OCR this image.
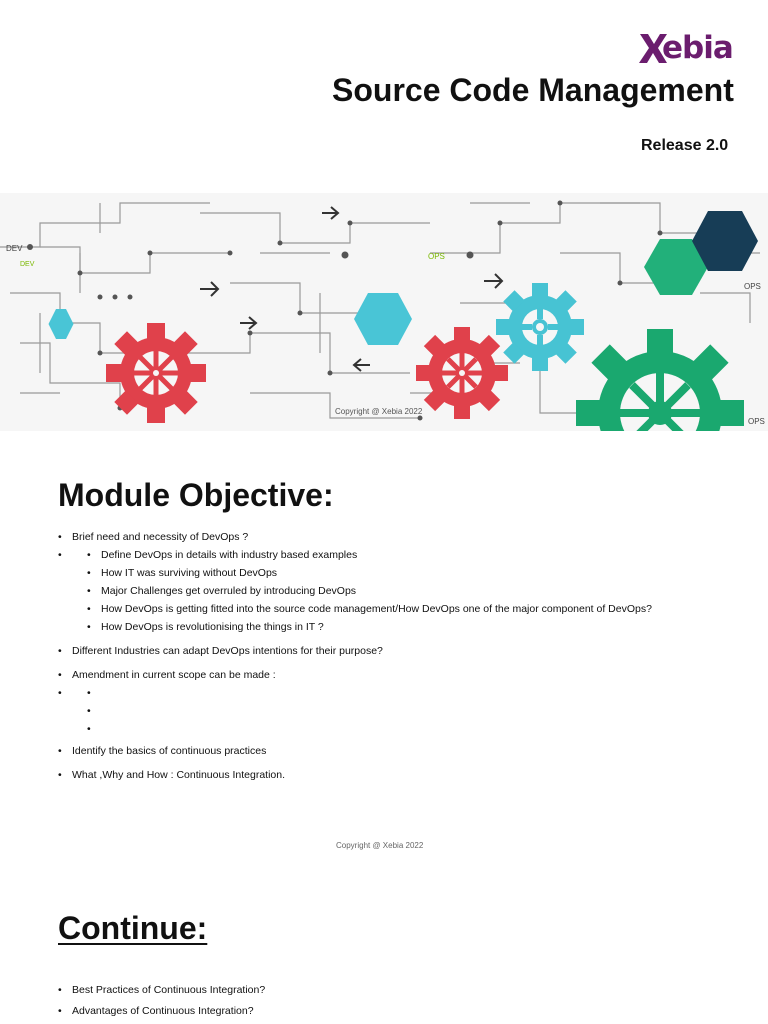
ebia
Source Code Management
Release 2.0
DEV
DEV
OPS
OPS
OPS
Copyright @ Xebia 2022
Module Objective:
• Brief need and necessity of DevOps ?
• • Define DevOps in details with industry based examples
• How IT was surviving without DevOps
• Major Challenges get overruled by introducing DevOps
• How DevOps is getting fitted into the source code management/How DevOps one of the major component of DevOps?
• How DevOps is revolutionising the things in IT ?
• Different Industries can adapt DevOps intentions for their purpose?
• Amendment in current scope can be made :
•
•
•
•
• Identify the basics of continuous practices
• What ,Why and How : Continuous Integration.
Copyright @ Xebia 2022
Continue:
• Best Practices of Continuous Integration?
• Advantages of Continuous Integration?
